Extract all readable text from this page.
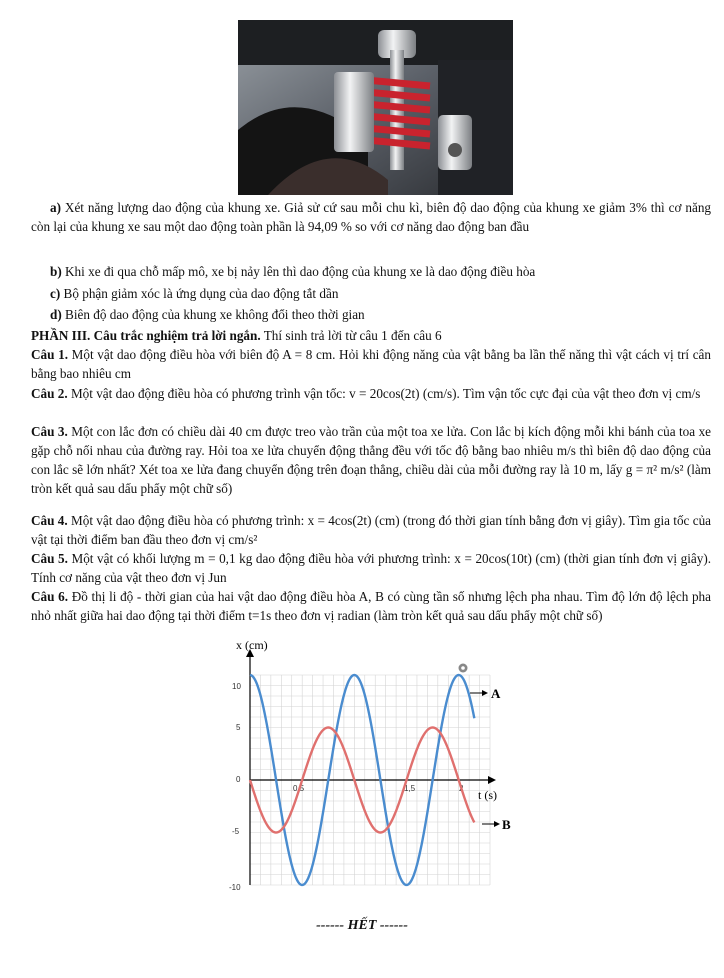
a) Xét năng lượng dao động của khung xe. Giả sử cứ sau mỗi chu kì, biên độ dao động của khung xe giảm 3% thì cơ năng còn lại của khung xe sau một dao động toàn phần là 94,09 % so với cơ năng dao động ban đầu
b) Khi xe đi qua chỗ mấp mô, xe bị nảy lên thì dao động của khung xe là dao động điều hòa
c) Bộ phận giảm xóc là ứng dụng của dao động tắt dần
d) Biên độ dao động của khung xe không đổi theo thời gian
PHẦN III. Câu trắc nghiệm trả lời ngắn. Thí sinh trả lời từ câu 1 đến câu 6
Câu 1. Một vật dao động điều hòa với biên độ A = 8 cm. Hỏi khi động năng của vật bằng ba lần thế năng thì vật cách vị trí cân bằng bao nhiêu cm
Câu 2. Một vật dao động điều hòa có phương trình vận tốc: v = 20cos(2t) (cm/s). Tìm vận tốc cực đại của vật theo đơn vị cm/s
Câu 3. Một con lắc đơn có chiều dài 40 cm được treo vào trần của một toa xe lửa. Con lắc bị kích động mỗi khi bánh của toa xe gặp chỗ nối nhau của đường ray. Hỏi toa xe lửa chuyển động thẳng đều với tốc độ bằng bao nhiêu m/s thì biên độ dao động của con lắc sẽ lớn nhất? Xét toa xe lửa đang chuyển động trên đoạn thẳng, chiều dài của mỗi đường ray là 10 m, lấy g = π² m/s² (làm tròn kết quả sau dấu phẩy một chữ số)
Câu 4. Một vật dao động điều hòa có phương trình: x = 4cos(2t) (cm) (trong đó thời gian tính bằng đơn vị giây). Tìm gia tốc của vật tại thời điểm ban đầu theo đơn vị cm/s²
Câu 5. Một vật có khối lượng m = 0,1 kg dao động điều hòa với phương trình: x = 20cos(10t) (cm) (thời gian tính đơn vị giây). Tính cơ năng của vật theo đơn vị Jun
Câu 6. Đồ thị li độ - thời gian của hai vật dao động điều hòa A, B có cùng tần số nhưng lệch pha nhau. Tìm độ lớn độ lệch pha nhỏ nhất giữa hai dao động tại thời điểm t=1s theo đơn vị radian (làm tròn kết quả sau dấu phẩy một chữ số)
x (cm)
t (s)
10
5
0
-5
-10
0,5	1,5	2
A
B
------ HẾT ------
